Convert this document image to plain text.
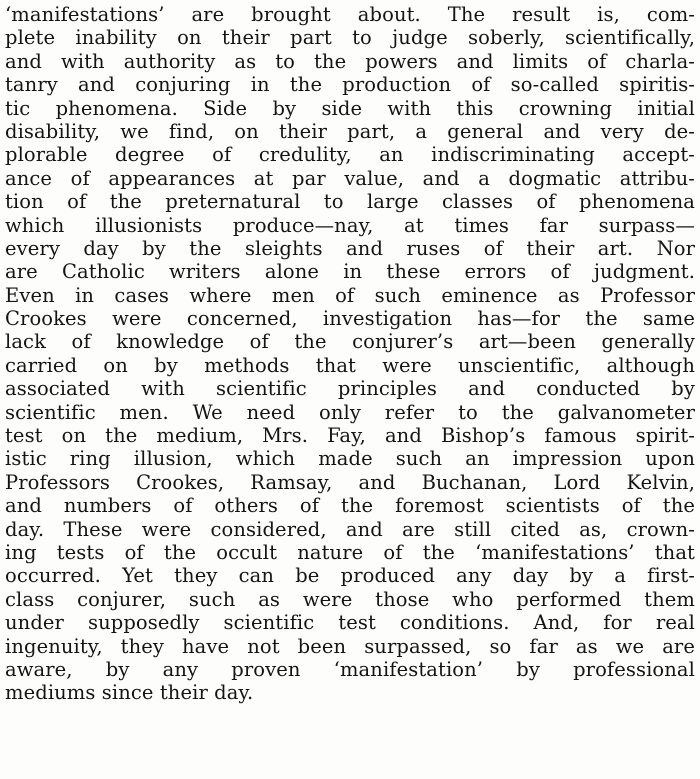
‘manifestations’ are brought about. The result is, com-
plete inability on their part to judge soberly, scientifically,
and with authority as to the powers and limits of charla-
tanry and conjuring in the production of so-called spiritis-
tic phenomena. Side by side with this crowning initial
disability, we find, on their part, a general and very de-
plorable degree of credulity, an indiscriminating accept-
ance of appearances at par value, and a dogmatic attribu-
tion of the preternatural to large classes of phenomena
which illusionists produce—nay, at times far surpass—
every day by the sleights and ruses of their art. Nor
are Catholic writers alone in these errors of judgment.
Even in cases where men of such eminence as Professor
Crookes were concerned, investigation has—for the same
lack of knowledge of the conjurer’s art—been generally
carried on by methods that were unscientific, although
associated with scientific principles and conducted by
scientific men. We need only refer to the galvanometer
test on the medium, Mrs. Fay, and Bishop’s famous spirit-
istic ring illusion, which made such an impression upon
Professors Crookes, Ramsay, and Buchanan, Lord Kelvin,
and numbers of others of the foremost scientists of the
day. These were considered, and are still cited as, crown-
ing tests of the occult nature of the ‘manifestations’ that
occurred. Yet they can be produced any day by a first-
class conjurer, such as were those who performed them
under supposedly scientific test conditions. And, for real
ingenuity, they have not been surpassed, so far as we are
aware, by any proven ‘manifestation’ by professional
mediums since their day.
